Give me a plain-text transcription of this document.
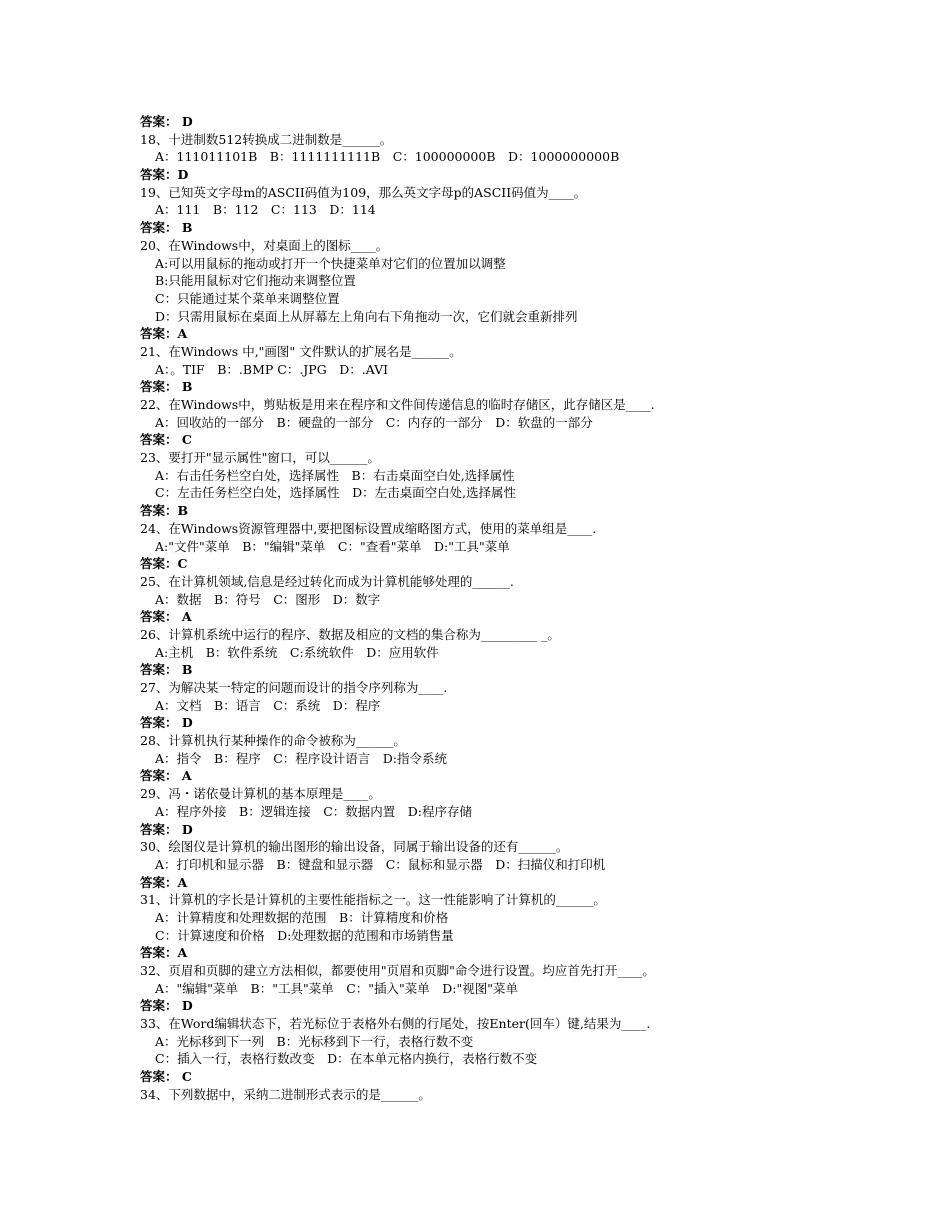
答案： D
18、十进制数512转换成二进制数是______。
A：111011101B　B：1111111111B　C：100000000B　D：1000000000B
答案：D
19、已知英文字母m的ASCII码值为109，那么英文字母p的ASCII码值为____。
A：111　B：112　C：113　D：114
答案： B
20、在Windows中，对桌面上的图标____。
A:可以用鼠标的拖动或打开一个快捷菜单对它们的位置加以调整
B:只能用鼠标对它们拖动来调整位置
C：只能通过某个菜单来调整位置
D：只需用鼠标在桌面上从屏幕左上角向右下角拖动一次，它们就会重新排列
答案：A
21、在Windows 中,"画图" 文件默认的扩展名是______。
A：。TIF　B：.BMP C：.JPG　D：.AVI
答案： B
22、在Windows中，剪贴板是用来在程序和文件间传递信息的临时存储区，此存储区是____.
A：回收站的一部分　B：硬盘的一部分　C：内存的一部分　D：软盘的一部分
答案： C
23、要打开"显示属性"窗口，可以______。
A：右击任务栏空白处，选择属性　B：右击桌面空白处,选择属性
C：左击任务栏空白处，选择属性　D：左击桌面空白处,选择属性
答案：B
24、在Windows资源管理器中,要把图标设置成缩略图方式，使用的菜单组是____.
A:"文件"菜单　B："编辑"菜单　C："查看"菜单　D:"工具"菜单
答案：C
25、在计算机领域,信息是经过转化而成为计算机能够处理的______.
A：数据　B：符号　C：图形　D：数字
答案： A
26、计算机系统中运行的程序、数据及相应的文档的集合称为_________ _。
A:主机　B：软件系统　C:系统软件　D：应用软件
答案： B
27、为解决某一特定的问题而设计的指令序列称为____.
A：文档　B：语言　C：系统　D：程序
答案： D
28、计算机执行某种操作的命令被称为______。
A：指令　B：程序　C：程序设计语言　D:指令系统
答案： A
29、冯・诺依曼计算机的基本原理是____。
A：程序外接　B：逻辑连接　C：数据内置　D:程序存储
答案： D
30、绘图仪是计算机的输出图形的输出设备，同属于输出设备的还有______。
A：打印机和显示器　B：键盘和显示器　C：鼠标和显示器　D：扫描仪和打印机
答案：A
31、计算机的字长是计算机的主要性能指标之一。这一性能影响了计算机的______。
A：计算精度和处理数据的范围　B：计算精度和价格
C：计算速度和价格　D:处理数据的范围和市场销售量
答案：A
32、页眉和页脚的建立方法相似，都要使用"页眉和页脚"命令进行设置。均应首先打开____。
A："编辑"菜单　B："工具"菜单　C："插入"菜单　D:"视图"菜单
答案： D
33、在Word编辑状态下，若光标位于表格外右侧的行尾处，按Enter(回车）键,结果为____.
A：光标移到下一列　B：光标移到下一行，表格行数不变
C：插入一行，表格行数改变　D：在本单元格内换行，表格行数不变
答案： C
34、下列数据中，采纳二进制形式表示的是______。
